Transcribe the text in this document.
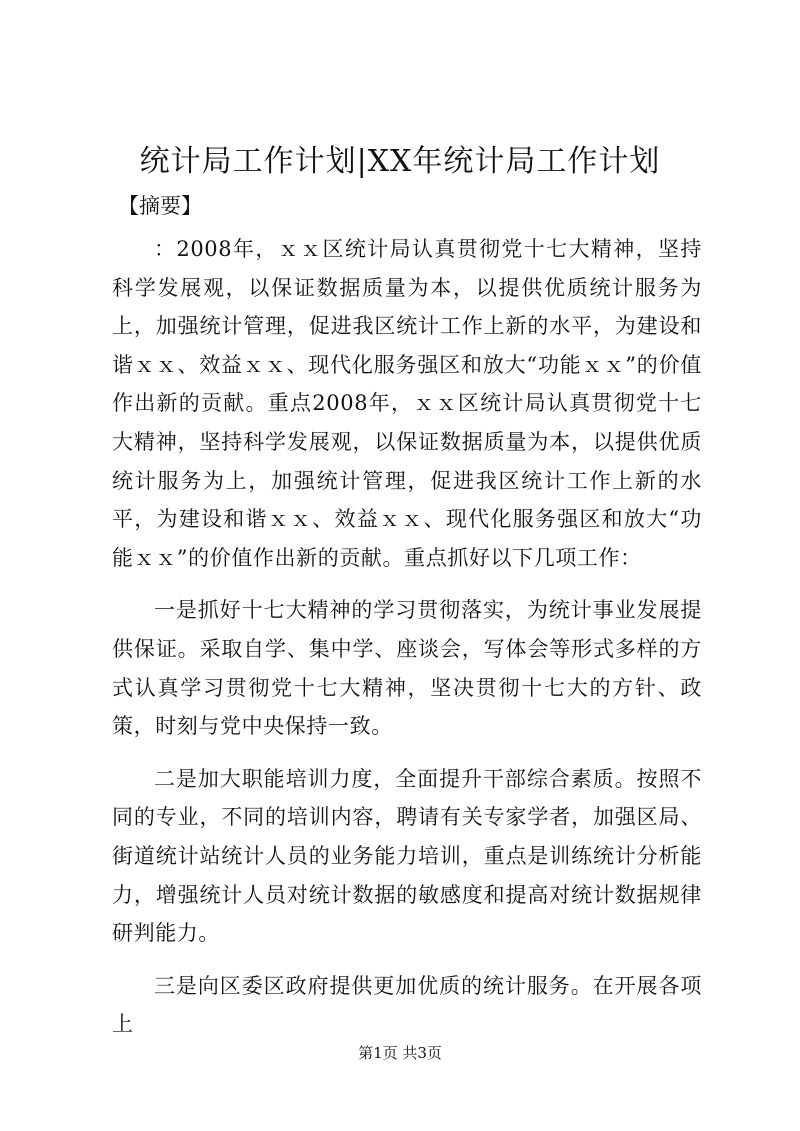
统计局工作计划|XX年统计局工作计划
【摘要】

：2008年，ｘｘ区统计局认真贯彻党十七大精神，坚持科学发展观，以保证数据质量为本，以提供优质统计服务为上，加强统计管理，促进我区统计工作上新的水平，为建设和谐ｘｘ、效益ｘｘ、现代化服务强区和放大“功能ｘｘ”的价值作出新的贡献。重点2008年，ｘｘ区统计局认真贯彻党十七大精神，坚持科学发展观，以保证数据质量为本，以提供优质统计服务为上，加强统计管理，促进我区统计工作上新的水平，为建设和谐ｘｘ、效益ｘｘ、现代化服务强区和放大“功能ｘｘ”的价值作出新的贡献。重点抓好以下几项工作：

一是抓好十七大精神的学习贯彻落实，为统计事业发展提供保证。采取自学、集中学、座谈会，写体会等形式多样的方式认真学习贯彻党十七大精神，坚决贯彻十七大的方针、政策，时刻与党中央保持一致。

二是加大职能培训力度，全面提升干部综合素质。按照不同的专业，不同的培训内容，聘请有关专家学者，加强区局、街道统计站统计人员的业务能力培训，重点是训练统计分析能力，增强统计人员对统计数据的敏感度和提高对统计数据规律研判能力。

三是向区委区政府提供更加优质的统计服务。在开展各项上

第1页 共3页
